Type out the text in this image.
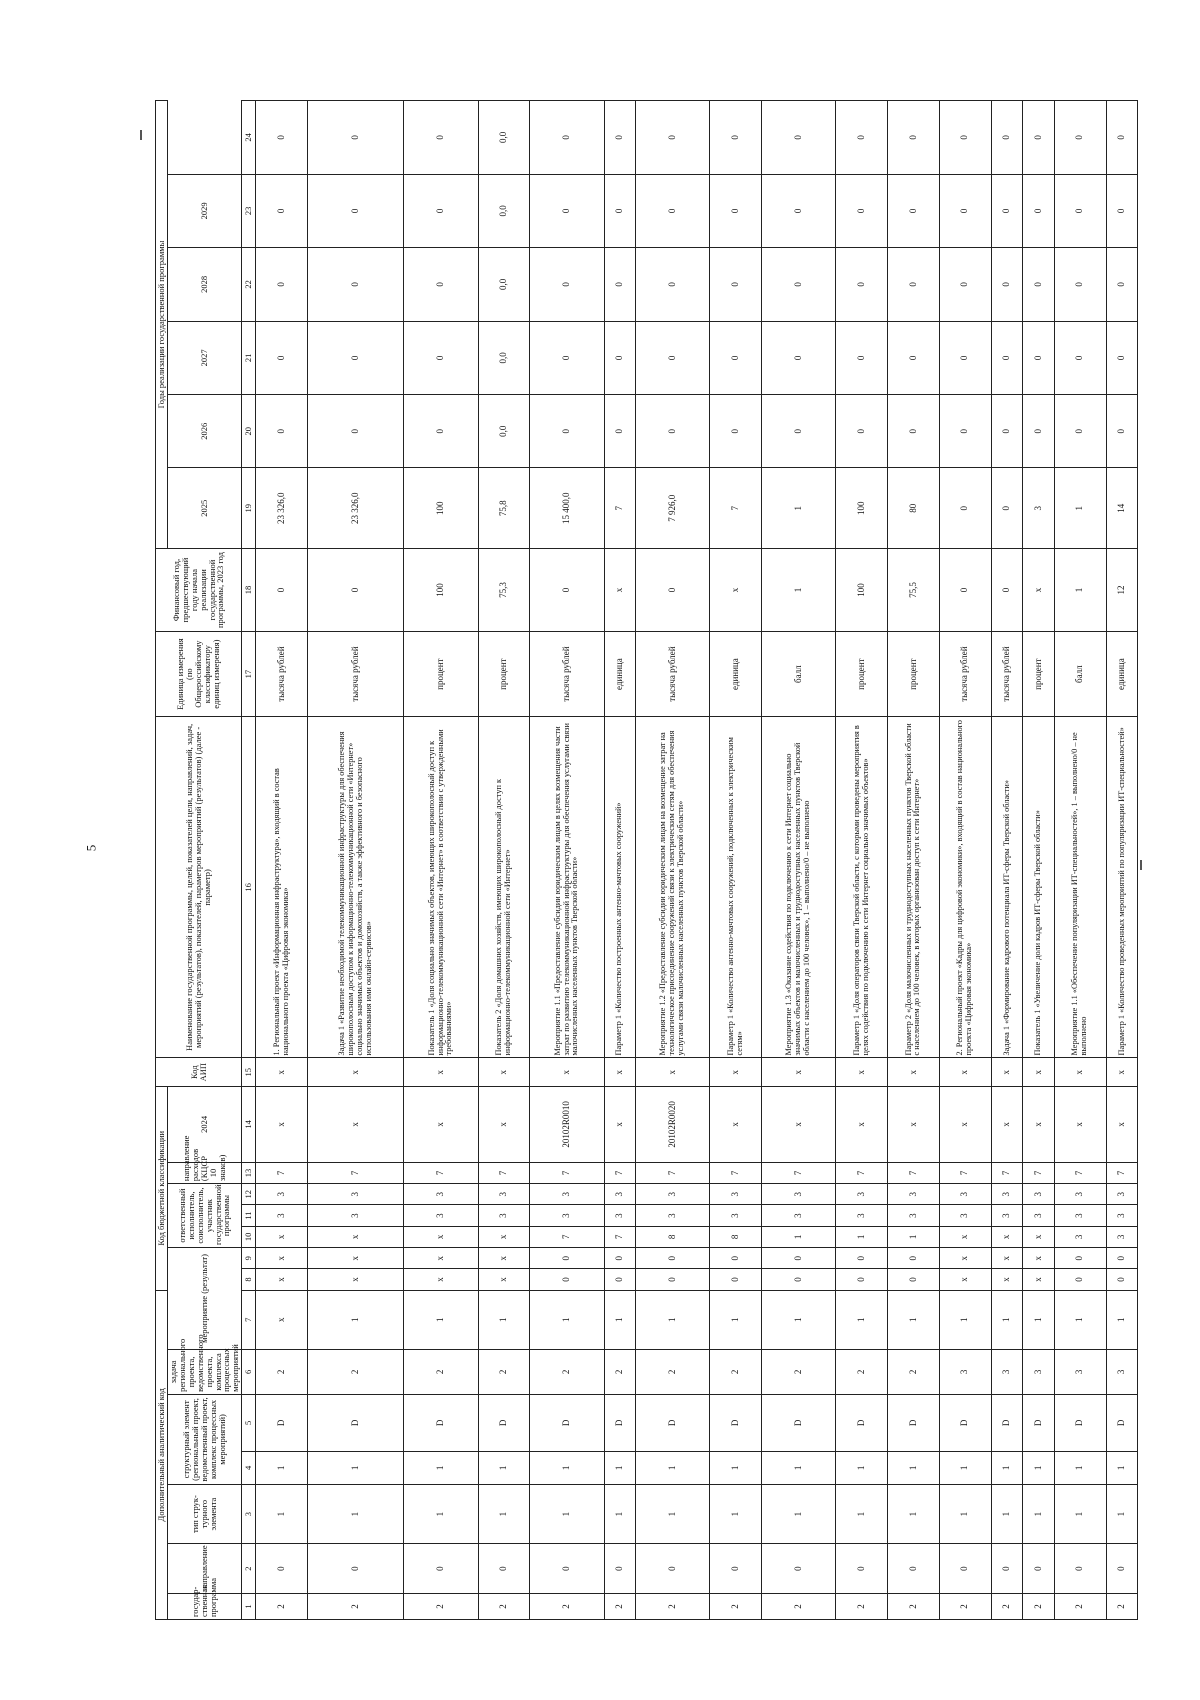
5
Дополнительный аналитический код							Код бюджетной классификации							Код АИП	Наименование государственной программы, целей, показателей цели, направлений, задач, мероприятий (результатов), показателей, параметров мероприятий (результатов) (далее - параметр)	Единица измерения (по Общероссийскому классификатору единиц измерения)	Финансовый год, предшествующий году начала реализации государственной программы, 2023 год	Годы реализации государственной программы					
государ-ственная программа	направление	тип струк-турного элемента	структурный элемент (региональный проект, ведомственный проект, комплекс процессных мероприятий)		задача регионального проекта, ведомственного проекта, комплекса процессных мероприятий	мероприятие (результат)			ответственный исполнитель, соисполнитель, участник государственной программы			направление расходов (КЦСР 10 знаков)	2024					2025	2026	2027	2028	2029	

1	2	3	4	5	6	7	8	9	10	11	12	13	14	15	16	17	18	19	20	21	22	23	24
2	0	1	1	D	2	х	х	х	х	3	3	7	х	х	1. Региональный проект «Информационная инфраструктура», входящий в состав национального проекта «Цифровая экономика»	тысяча рублей	0	23 326,0	0	0	0	0	0
2	0	1	1	D	2	1	х	х	х	3	3	7	х	х	Задача 1 «Развитие необходимой телекоммуникационной инфраструктуры для обеспечения широкополосным доступом к информационно-телекоммуникационной сети «Интернет» социально значимых объектов и домохозяйств, а также эффективного и безопасного использования ими онлайн-сервисов»	тысяча рублей	0	23 326,0	0	0	0	0	0
2	0	1	1	D	2	1	х	х	х	3	3	7	х	х	Показатель 1 «Доля социально значимых объектов, имеющих широкополосный доступ к информационно-телекоммуникационной сети «Интернет» в соответствии с утвержденными требованиями»	процент	100	100	0	0	0	0	0
2	0	1	1	D	2	1	х	х	х	3	3	7	х	х	Показатель 2 «Доля домашних хозяйств, имеющих широкополосный доступ к информационно-телекоммуникационной сети «Интернет»	процент	75,3	75,8	0,0	0,0	0,0	0,0	0,0
2	0	1	1	D	2	1	0	0	7	3	3	7	20102R0010	х	Мероприятие 1.1 «Предоставление субсидии юридическим лицам в целях возмещения части затрат по развитию телекоммуникационной инфраструктуры для обеспечения услугами связи малочисленных населенных пунктов Тверской области»	тысяча рублей	0	15 400,0	0	0	0	0	0
2	0	1	1	D	2	1	0	0	7	3	3	7	х	х	Параметр 1 «Количество построенных антенно-мачтовых сооружений»	единица	х	7	0	0	0	0	0
2	0	1	1	D	2	1	0	0	8	3	3	7	20102R0020	х	Мероприятие 1.2 «Предоставление субсидии юридическим лицам на возмещение затрат на технологическое присоединение сооружений связи к электрическим сетям для обеспечения услугами связи малочисленных населенных пунктов Тверской области»	тысяча рублей	0	7 926,0	0	0	0	0	0
2	0	1	1	D	2	1	0	0	8	3	3	7	х	х	Параметр 1 «Количество антенно-мачтовых сооружений, подключенных к электрическим сетям»	единица	х	7	0	0	0	0	0
2	0	1	1	D	2	1	0	0	1	3	3	7	х	х	Мероприятие 1.3 «Оказание содействия по подключению к сети Интернет социально значимых объектов и малочисленных и труднодоступных населенных пунктов Тверской области с населением до 100 человек», 1 – выполнено/0 – не выполнено	балл	1	1	0	0	0	0	0
2	0	1	1	D	2	1	0	0	1	3	3	7	х	х	Параметр 1 «Доля операторов связи Тверской области, с которыми проведены мероприятия в целях содействия по подключению к сети Интернет социально значимых объектов»	процент	100	100	0	0	0	0	0
2	0	1	1	D	2	1	0	0	1	3	3	7	х	х	Параметр 2 «Доля малочисленных и труднодоступных населенных пунктов Тверской области с населением до 100 человек, в которых организован доступ к сети Интернет»	процент	75,5	80	0	0	0	0	0
2	0	1	1	D	3	1	х	х	х	3	3	7	х	х	2. Региональный проект «Кадры для цифровой экономики», входящий в состав национального проекта «Цифровая экономика»	тысяча рублей	0	0	0	0	0	0	0
2	0	1	1	D	3	1	х	х	х	3	3	7	х	х	Задача 1 «Формирование кадрового потенциала ИТ-сферы Тверской области»	тысяча рублей	0	0	0	0	0	0	0
2	0	1	1	D	3	1	х	х	х	3	3	7	х	х	Показатель 1 «Увеличение доли кадров ИТ-сферы Тверской области»	процент	х	3	0	0	0	0	0
2	0	1	1	D	3	1	0	0	3	3	3	7	х	х	Мероприятие 1.1 «Обеспечение популяризации ИТ-специальностей», 1 – выполнено/0 – не выполнено	балл	1	1	0	0	0	0	0
2	0	1	1	D	3	1	0	0	3	3	3	7	х	х	Параметр 1 «Количество проведенных мероприятий по популяризации ИТ-специальностей»	единица	12	14	0	0	0	0	0
